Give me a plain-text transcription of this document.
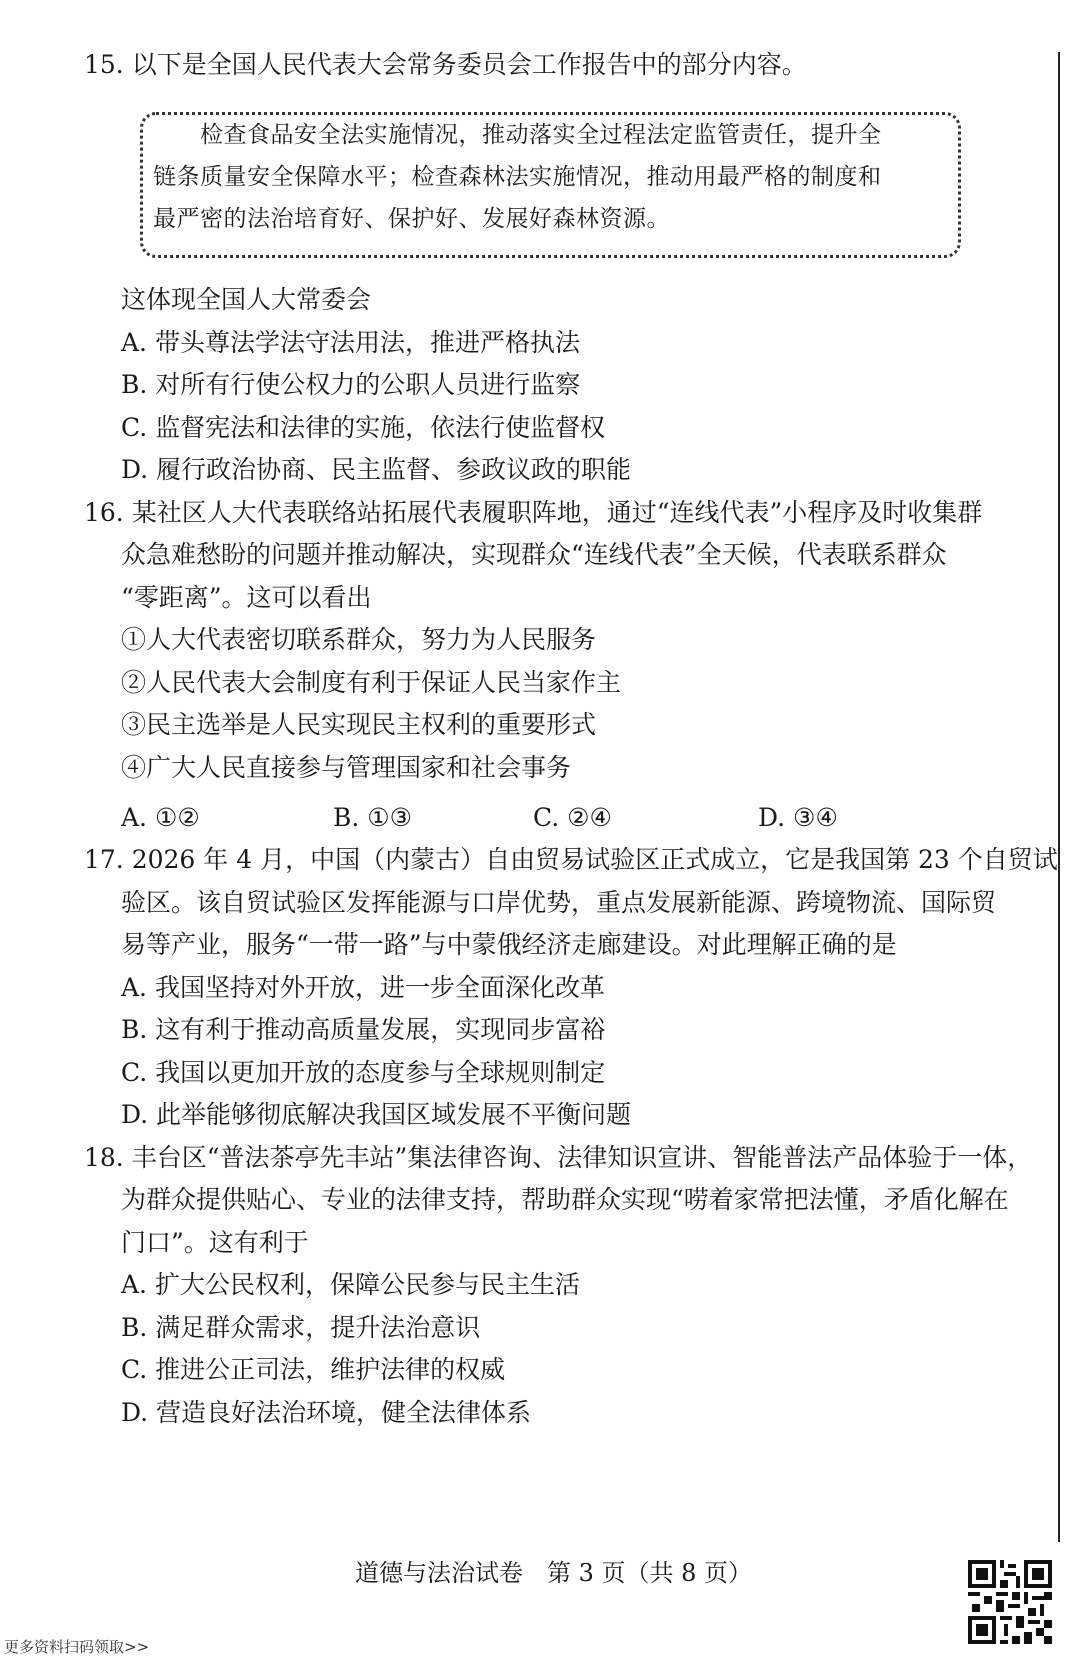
15. 以下是全国人民代表大会常务委员会工作报告中的部分内容。
检查食品安全法实施情况，推动落实全过程法定监管责任，提升全
链条质量安全保障水平；检查森林法实施情况，推动用最严格的制度和
最严密的法治培育好、保护好、发展好森林资源。
这体现全国人大常委会
A. 带头尊法学法守法用法，推进严格执法
B. 对所有行使公权力的公职人员进行监察
C. 监督宪法和法律的实施，依法行使监督权
D. 履行政治协商、民主监督、参政议政的职能
16. 某社区人大代表联络站拓展代表履职阵地，通过“连线代表”小程序及时收集群
众急难愁盼的问题并推动解决，实现群众“连线代表”全天候，代表联系群众
“零距离”。这可以看出
①人大代表密切联系群众，努力为人民服务
②人民代表大会制度有利于保证人民当家作主
③民主选举是人民实现民主权利的重要形式
④广大人民直接参与管理国家和社会事务
A. ①②	B. ①③	C. ②④	D. ③④
17. 2026 年 4 月，中国（内蒙古）自由贸易试验区正式成立，它是我国第 23 个自贸试
验区。该自贸试验区发挥能源与口岸优势，重点发展新能源、跨境物流、国际贸
易等产业，服务“一带一路”与中蒙俄经济走廊建设。对此理解正确的是
A. 我国坚持对外开放，进一步全面深化改革
B. 这有利于推动高质量发展，实现同步富裕
C. 我国以更加开放的态度参与全球规则制定
D. 此举能够彻底解决我国区域发展不平衡问题
18. 丰台区“普法茶亭先丰站”集法律咨询、法律知识宣讲、智能普法产品体验于一体，
为群众提供贴心、专业的法律支持，帮助群众实现“唠着家常把法懂，矛盾化解在
门口”。这有利于
A. 扩大公民权利，保障公民参与民主生活
B. 满足群众需求，提升法治意识
C. 推进公正司法，维护法律的权威
D. 营造良好法治环境，健全法律体系
道德与法治试卷　第 3 页（共 8 页）
更多资料扫码领取>>
